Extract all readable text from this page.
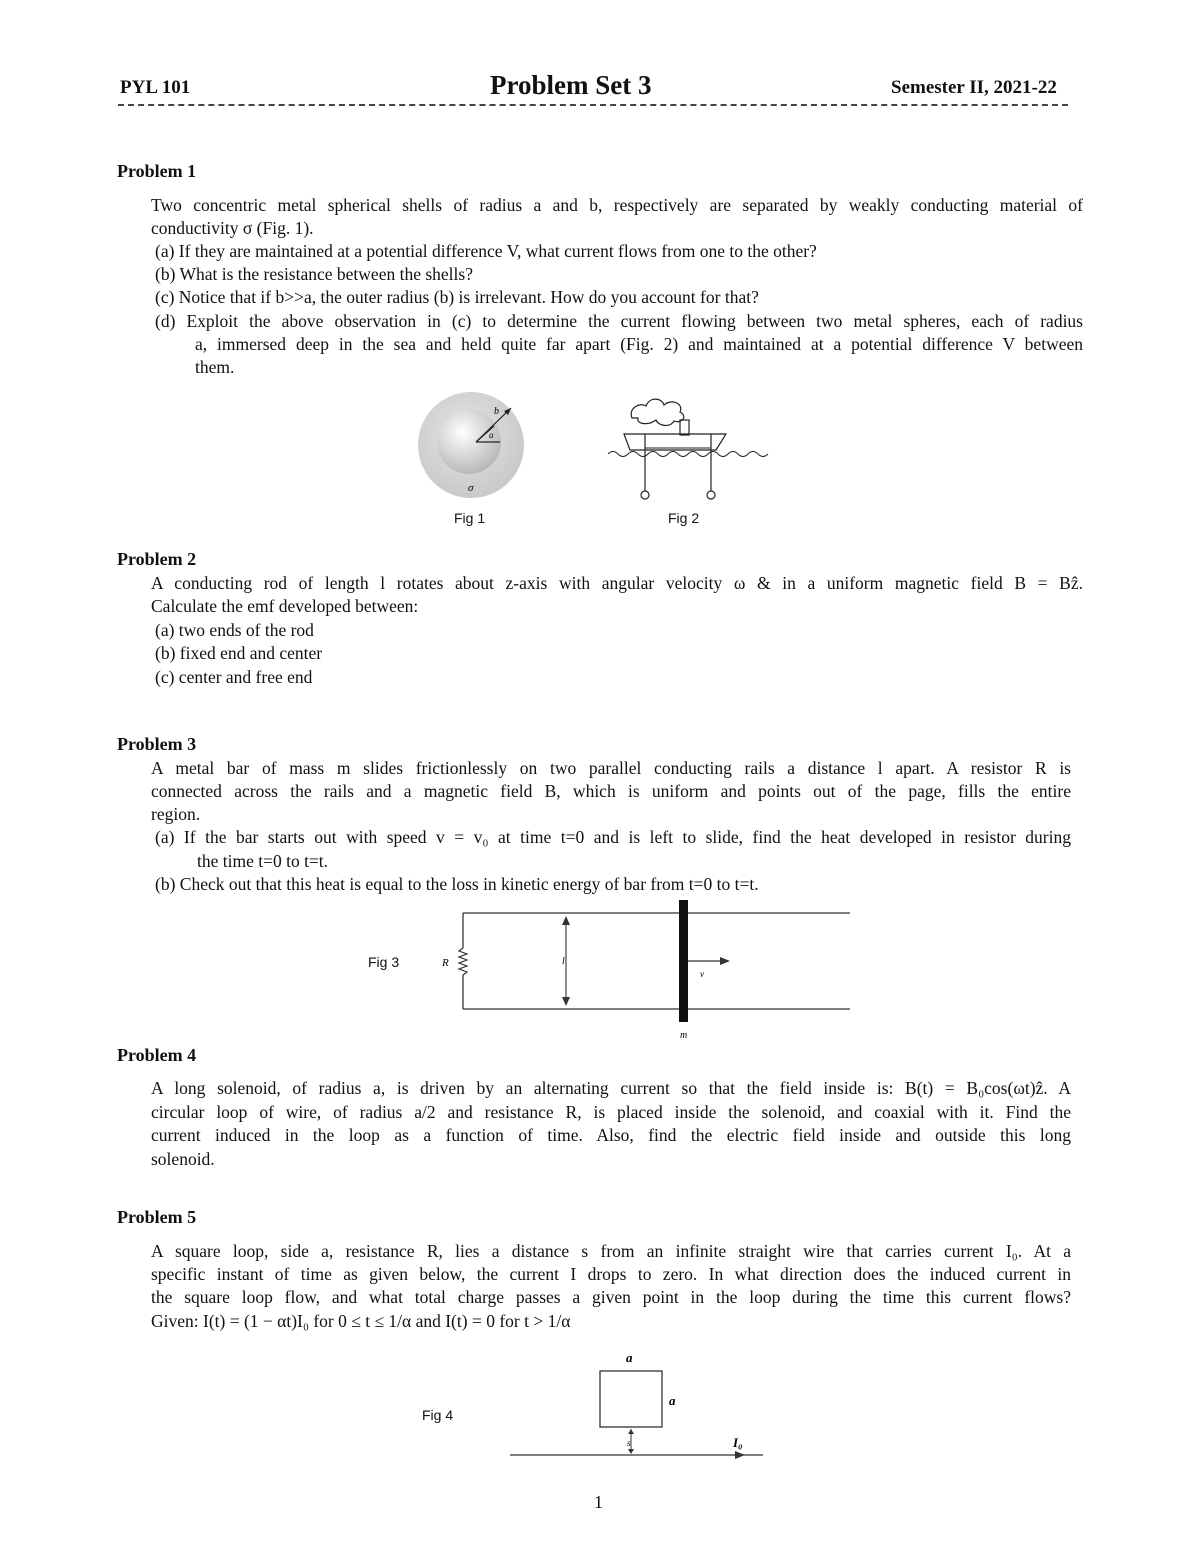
PYL 101	Problem Set 3	Semester II, 2021-22
Problem 1
Two concentric metal spherical shells of radius a and b, respectively are separated by weakly conducting material of
conductivity σ (Fig. 1).
(a) If they are maintained at a potential difference V, what current flows from one to the other?
(b) What is the resistance between the shells?
(c) Notice that if b>>a, the outer radius (b) is irrelevant. How do you account for that?
(d) Exploit the above observation in (c) to determine the current flowing between two metal spheres, each of radius
a, immersed deep in the sea and held quite far apart (Fig. 2) and maintained at a potential difference V between
them.
b
a
σ
Fig 1	Fig 2
Problem 2
A conducting rod of length l rotates about z-axis with angular velocity ω & in a uniform magnetic field B = Bẑ.
Calculate the emf developed between:
(a) two ends of the rod
(b) fixed end and center
(c) center and free end
Problem 3
A metal bar of mass m slides frictionlessly on two parallel conducting rails a distance l apart. A resistor R is
connected across the rails and a magnetic field B, which is uniform and points out of the page, fills the entire
region.
(a) If the bar starts out with speed v = v₀ at time t=0 and is left to slide, find the heat developed in resistor during
the time t=0 to t=t.
(b) Check out that this heat is equal to the loss in kinetic energy of bar from t=0 to t=t.
Fig 3	R	l
v
m
Problem 4
A long solenoid, of radius a, is driven by an alternating current so that the field inside is: B(t) = B₀cos(ωt)ẑ. A
circular loop of wire, of radius a/2 and resistance R, is placed inside the solenoid, and coaxial with it. Find the
current induced in the loop as a function of time. Also, find the electric field inside and outside this long
solenoid.
Problem 5
A square loop, side a, resistance R, lies a distance s from an infinite straight wire that carries current I₀. At a
specific instant of time as given below, the current I drops to zero. In what direction does the induced current in
the square loop flow, and what total charge passes a given point in the loop during the time this current flows?
Given: I(t) = (1 − αt)I₀ for 0 ≤ t ≤ 1/α and I(t) = 0 for t > 1/α
Fig 4
a
a
s	I₀
1
